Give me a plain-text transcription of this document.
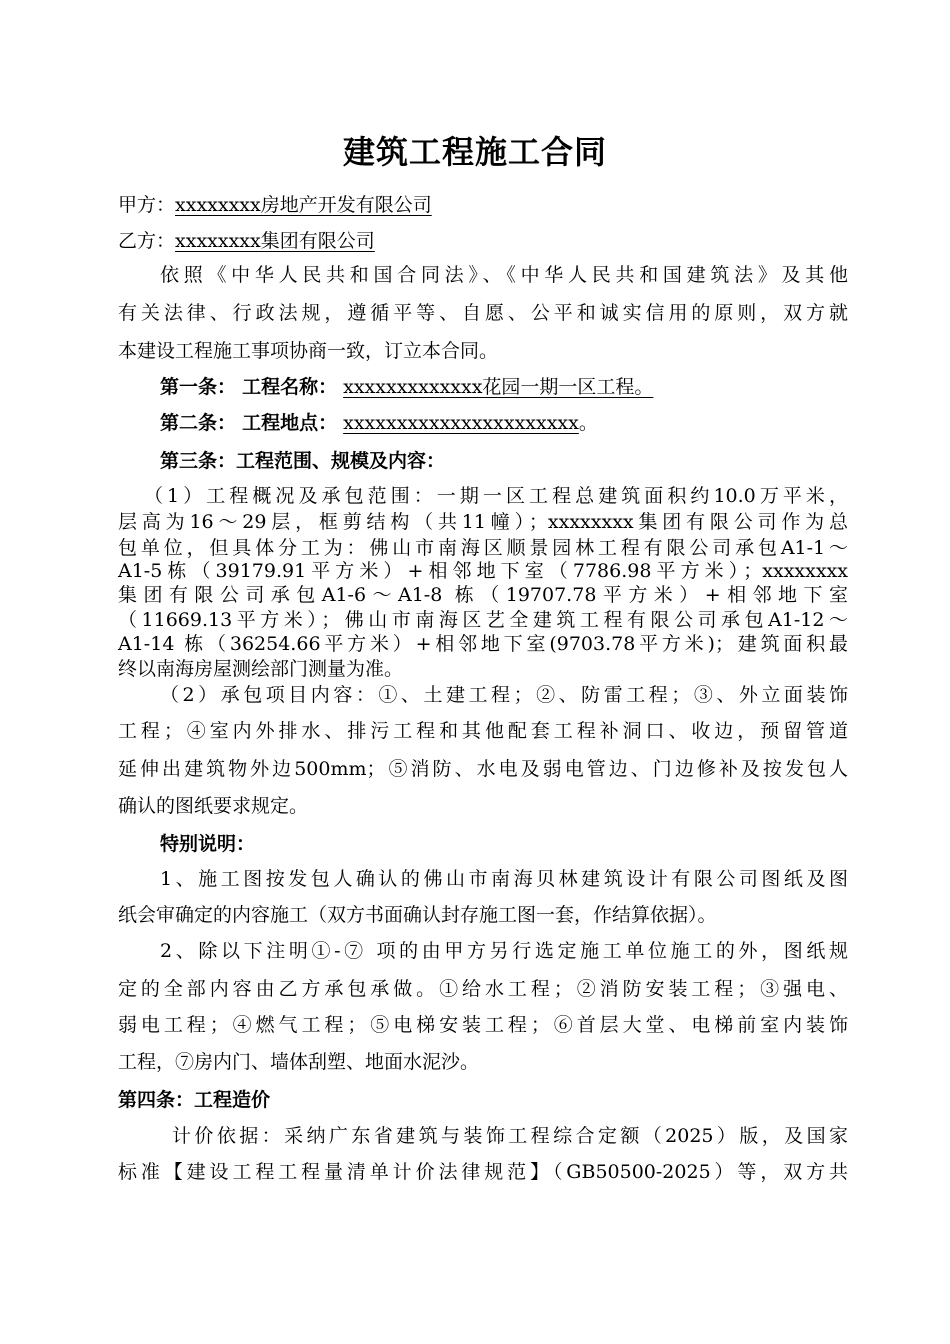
建筑工程施工合同
甲方：xxxxxxxx房地产开发有限公司
乙方：xxxxxxxx集团有限公司
依照《中华人民共和国合同法》、《中华人民共和国建筑法》及其他
有关法律、行政法规，遵循平等、自愿、公平和诚实信用的原则，双方就
本建设工程施工事项协商一致，订立本合同。
第一条： 工程名称： xxxxxxxxxxxxx花园一期一区工程。
第二条： 工程地点： xxxxxxxxxxxxxxxxxxxxxx。
第三条：工程范围、规模及内容：
（1）工程概况及承包范围：一期一区工程总建筑面积约10.0万平米，
层高为16～29层，框剪结构（共11幢）；xxxxxxxx集团有限公司作为总
包单位，但具体分工为：佛山市南海区顺景园林工程有限公司承包A1-1～
A1-5栋（39179.91平方米）+相邻地下室（7786.98平方米）；xxxxxxxx
集团有限公司承包A1-6～A1-8 栋（19707.78平方米）+相邻地下室
（11669.13平方米）；佛山市南海区艺全建筑工程有限公司承包A1-12～
A1-14 栋（36254.66平方米）+相邻地下室(9703.78平方米)；建筑面积最
终以南海房屋测绘部门测量为准。
（2）承包项目内容：①、土建工程；②、防雷工程；③、外立面装饰
工程；④室内外排水、排污工程和其他配套工程补洞口、收边，预留管道
延伸出建筑物外边500mm；⑤消防、水电及弱电管边、门边修补及按发包人
确认的图纸要求规定。
特别说明：
1、施工图按发包人确认的佛山市南海贝林建筑设计有限公司图纸及图
纸会审确定的内容施工（双方书面确认封存施工图一套，作结算依据）。
2、除以下注明①-⑦ 项的由甲方另行选定施工单位施工的外，图纸规
定的全部内容由乙方承包承做。①给水工程；②消防安装工程；③强电、
弱电工程；④燃气工程；⑤电梯安装工程；⑥首层大堂、电梯前室内装饰
工程，⑦房内门、墙体刮塑、地面水泥沙。
第四条：工程造价
计价依据：采纳广东省建筑与装饰工程综合定额（2025）版，及国家
标准【建设工程工程量清单计价法律规范】（GB50500-2025）等，双方共
